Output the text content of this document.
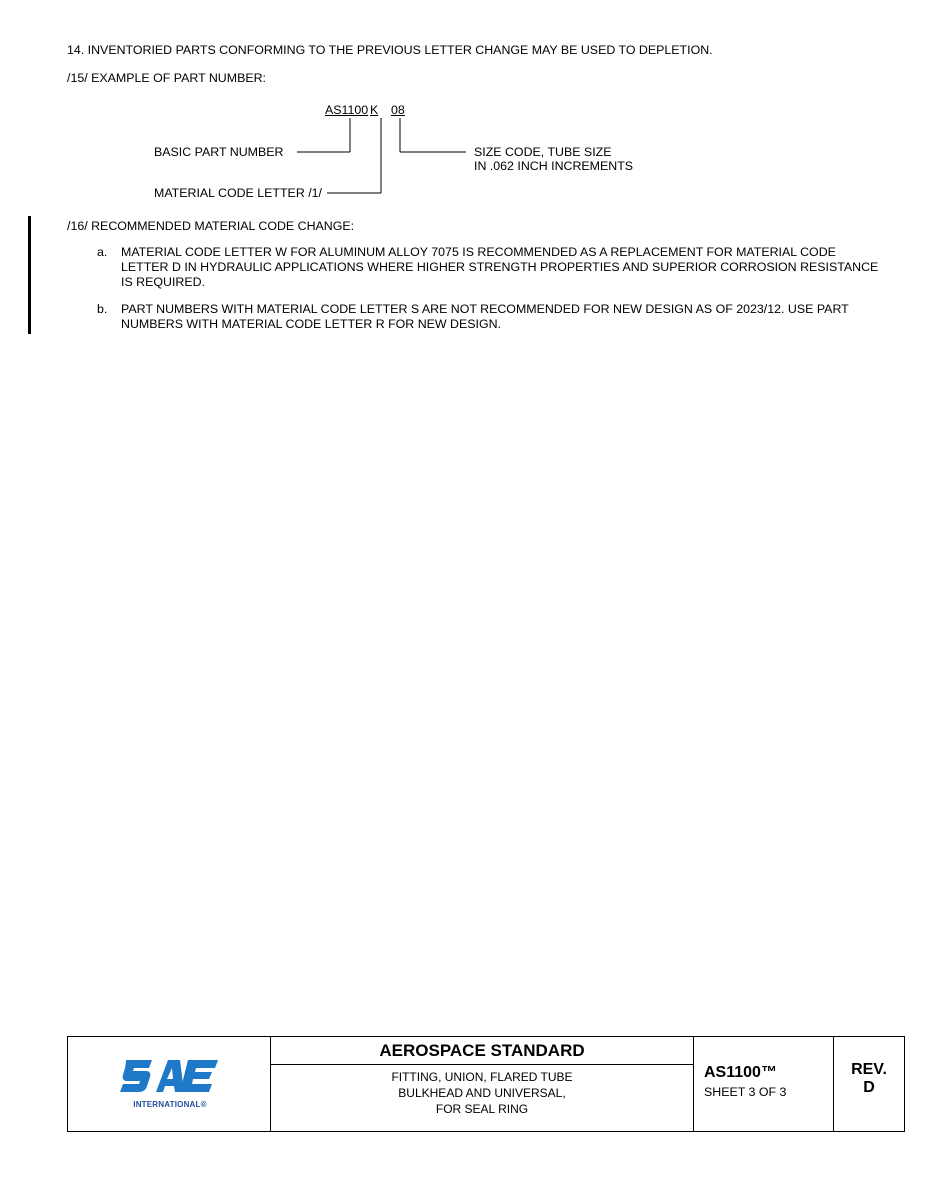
14. INVENTORIED PARTS CONFORMING TO THE PREVIOUS LETTER CHANGE MAY BE USED TO DEPLETION.
/15/ EXAMPLE OF PART NUMBER:
AS1100 K 08
BASIC PART NUMBER	SIZE CODE, TUBE SIZE
IN .062 INCH INCREMENTS
MATERIAL CODE LETTER /1/
/16/ RECOMMENDED MATERIAL CODE CHANGE:
a. MATERIAL CODE LETTER W FOR ALUMINUM ALLOY 7075 IS RECOMMENDED AS A REPLACEMENT FOR MATERIAL CODE LETTER D IN HYDRAULIC APPLICATIONS WHERE HIGHER STRENGTH PROPERTIES AND SUPERIOR CORROSION RESISTANCE IS REQUIRED.
b. PART NUMBERS WITH MATERIAL CODE LETTER S ARE NOT RECOMMENDED FOR NEW DESIGN AS OF 2023/12. USE PART NUMBERS WITH MATERIAL CODE LETTER R FOR NEW DESIGN.
INTERNATIONAL®
AEROSPACE STANDARD
FITTING, UNION, FLARED TUBE
BULKHEAD AND UNIVERSAL,
FOR SEAL RING
AS1100™
SHEET 3 OF 3
REV.
D
